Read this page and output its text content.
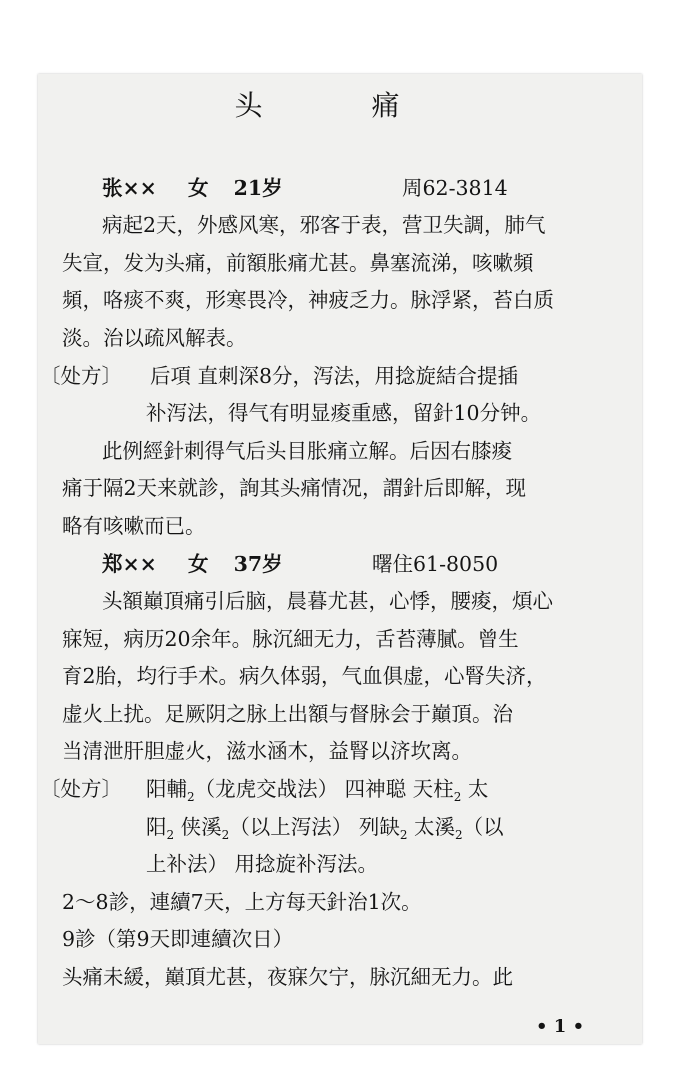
头 痛
张×× 女 21岁	周62-3814
病起2天，外感风寒，邪客于表，营卫失調，肺气
失宣，发为头痛，前額胀痛尤甚。鼻塞流涕，咳嗽頻
頻，咯痰不爽，形寒畏冷，神疲乏力。脉浮紧，苔白质
淡。治以疏风解表。
〔处方〕 后項 直刺深8分，泻法，用捻旋結合提插
补泻法，得气有明显痠重感，留針10分钟。
此例經針刺得气后头目胀痛立解。后因右膝痠
痛于隔2天来就診，詢其头痛情况，謂針后即解，现
略有咳嗽而已。
郑×× 女 37岁	曙住61-8050
头額巔頂痛引后脑，晨暮尤甚，心悸，腰痠，煩心
寐短，病历20余年。脉沉細无力，舌苔薄膩。曾生
育2胎，均行手术。病久体弱，气血俱虚，心腎失济，
虚火上扰。足厥阴之脉上出額与督脉会于巔頂。治
当清泄肝胆虚火，滋水涵木，益腎以济坎离。
〔处方〕 阳輔$_2$（龙虎交战法） 四神聪 天柱$_2$ 太
阳$_2$ 侠溪$_2$（以上泻法） 列缺$_2$ 太溪$_2$（以
上补法） 用捻旋补泻法。
2～8診，連續7天，上方每天針治1次。
9診（第9天即連續次日）
头痛未緩，巔頂尤甚，夜寐欠宁，脉沉細无力。此
• 1 •
